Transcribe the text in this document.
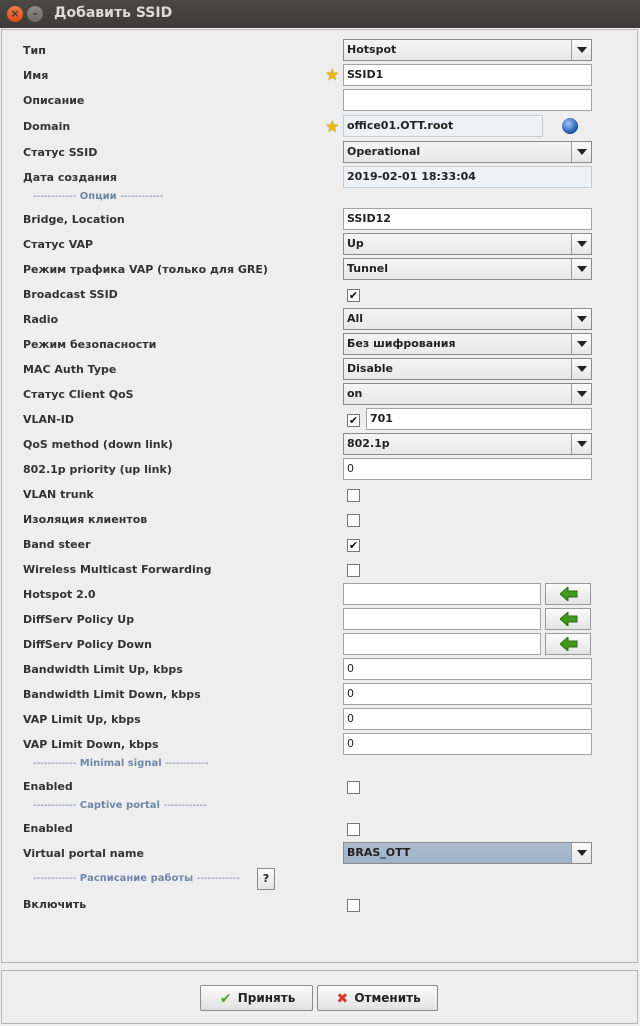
×	–	Добавить SSID
Тип	Hotspot
Имя	★ SSID1
Описание
Domain	★ office01.OTT.root
Статус SSID	Operational
Дата создания	2019-02-01 18:33:04
------------ Опции ------------
Bridge, Location	SSID12
Статус VAP	Up
Режим трафика VAP (только для GRE)	Tunnel
Broadcast SSID	✔
Radio	All
Режим безопасности	Без шифрования
MAC Auth Type	Disable
Статус Client QoS	on
VLAN-ID	✔	701
QoS method (down link)	802.1p
802.1p priority (up link)	0
VLAN trunk
Изоляция клиентов
Band steer	✔
Wireless Multicast Forwarding
Hotspot 2.0
DiffServ Policy Up
DiffServ Policy Down
Bandwidth Limit Up, kbps	0
Bandwidth Limit Down, kbps	0
VAP Limit Up, kbps	0
VAP Limit Down, kbps	0
------------ Minimal signal ------------
Enabled
------------ Captive portal ------------
Enabled
Virtual portal name	BRAS_OTT
------------ Расписание работы ------------	?
Включить
✔ Принять	✖ Отменить
